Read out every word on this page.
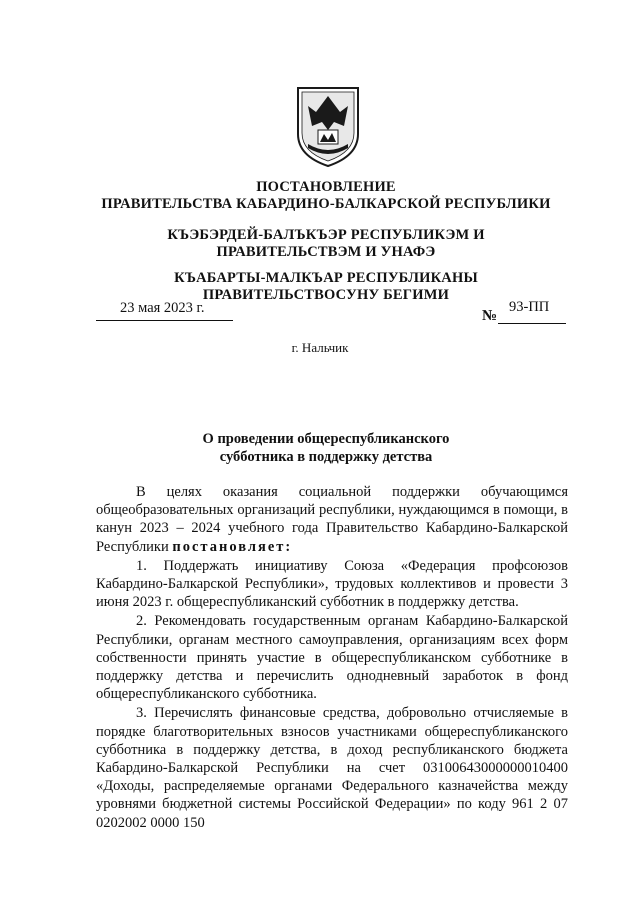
ПОСТАНОВЛЕНИЕ
ПРАВИТЕЛЬСТВА КАБАРДИНО-БАЛКАРСКОЙ РЕСПУБЛИКИ
КЪЭБЭРДЕЙ-БАЛЪКЪЭР РЕСПУБЛИКЭМ И ПРАВИТЕЛЬСТВЭМ И УНАФЭ
КЪАБАРТЫ-МАЛКЪАР РЕСПУБЛИКАНЫ ПРАВИТЕЛЬСТВОСУНУ БЕГИМИ
23 мая 2023 г.	№
93-ПП
г. Нальчик
О проведении общереспубликанского
субботника в поддержку детства

В целях оказания социальной поддержки обучающимся общеобразовательных организаций республики, нуждающимся в помощи, в канун 2023 – 2024 учебного года Правительство Кабардино-Балкарской Республики постановляет:

1. Поддержать инициативу Союза «Федерация профсоюзов Кабардино-Балкарской Республики», трудовых коллективов и провести 3 июня 2023 г. общереспубликанский субботник в поддержку детства.

2. Рекомендовать государственным органам Кабардино-Балкарской Республики, органам местного самоуправления, организациям всех форм собственности принять участие в общереспубликанском субботнике в поддержку детства и перечислить однодневный заработок в фонд общереспубликанского субботника.

3. Перечислять финансовые средства, добровольно отчисляемые в порядке благотворительных взносов участниками общереспубликанского субботника в поддержку детства, в доход республиканского бюджета Кабардино-Балкарской Республики на счет 03100643000000010400 «Доходы, распределяемые органами Федерального казначейства между уровнями бюджетной системы Российской Федерации» по коду 961 2 07 0202002 0000 150
